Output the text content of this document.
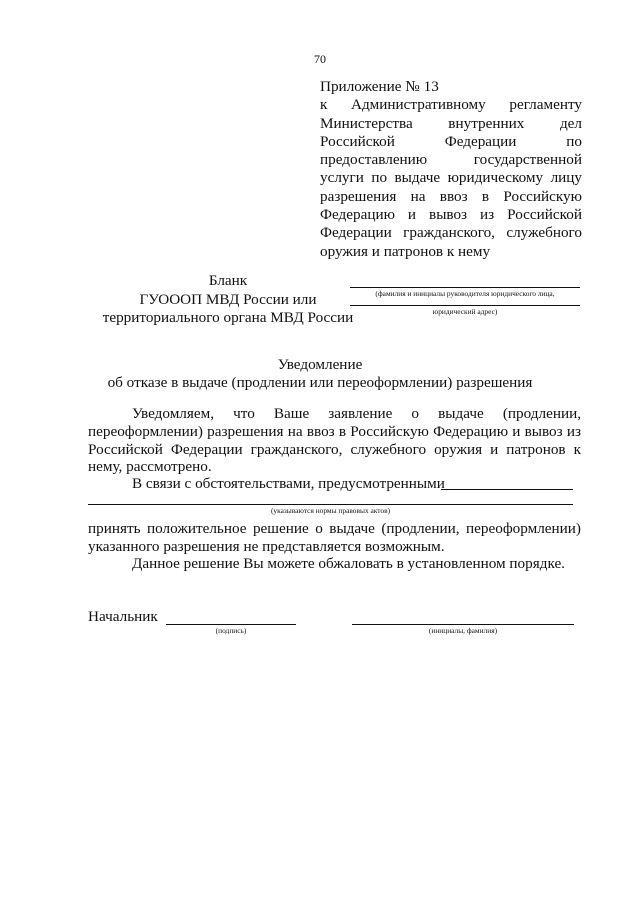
70
Приложение № 13
к Административному регламенту Министерства внутренних дел Российской Федерации по предоставлению государственной услуги по выдаче юридическому лицу разрешения на ввоз в Российскую Федерацию и вывоз из Российской Федерации гражданского, служебного оружия и патронов к нему
Бланк
ГУОООП МВД России или
территориального органа МВД России
(фамилия и инициалы руководителя юридического лица,
юридический адрес)
Уведомление
об отказе в выдаче (продлении или переоформлении) разрешения
Уведомляем, что Ваше заявление о выдаче (продлении, переоформлении) разрешения на ввоз в Российскую Федерацию и вывоз из Российской Федерации гражданского, служебного оружия и патронов к нему, рассмотрено.
В связи с обстоятельствами, предусмотренными
(указываются нормы правовых актов)
принять положительное решение о выдаче (продлении, переоформлении) указанного разрешения не представляется возможным.
Данное решение Вы можете обжаловать в установленном порядке.
Начальник
(подпись)	(инициалы, фамилия)
